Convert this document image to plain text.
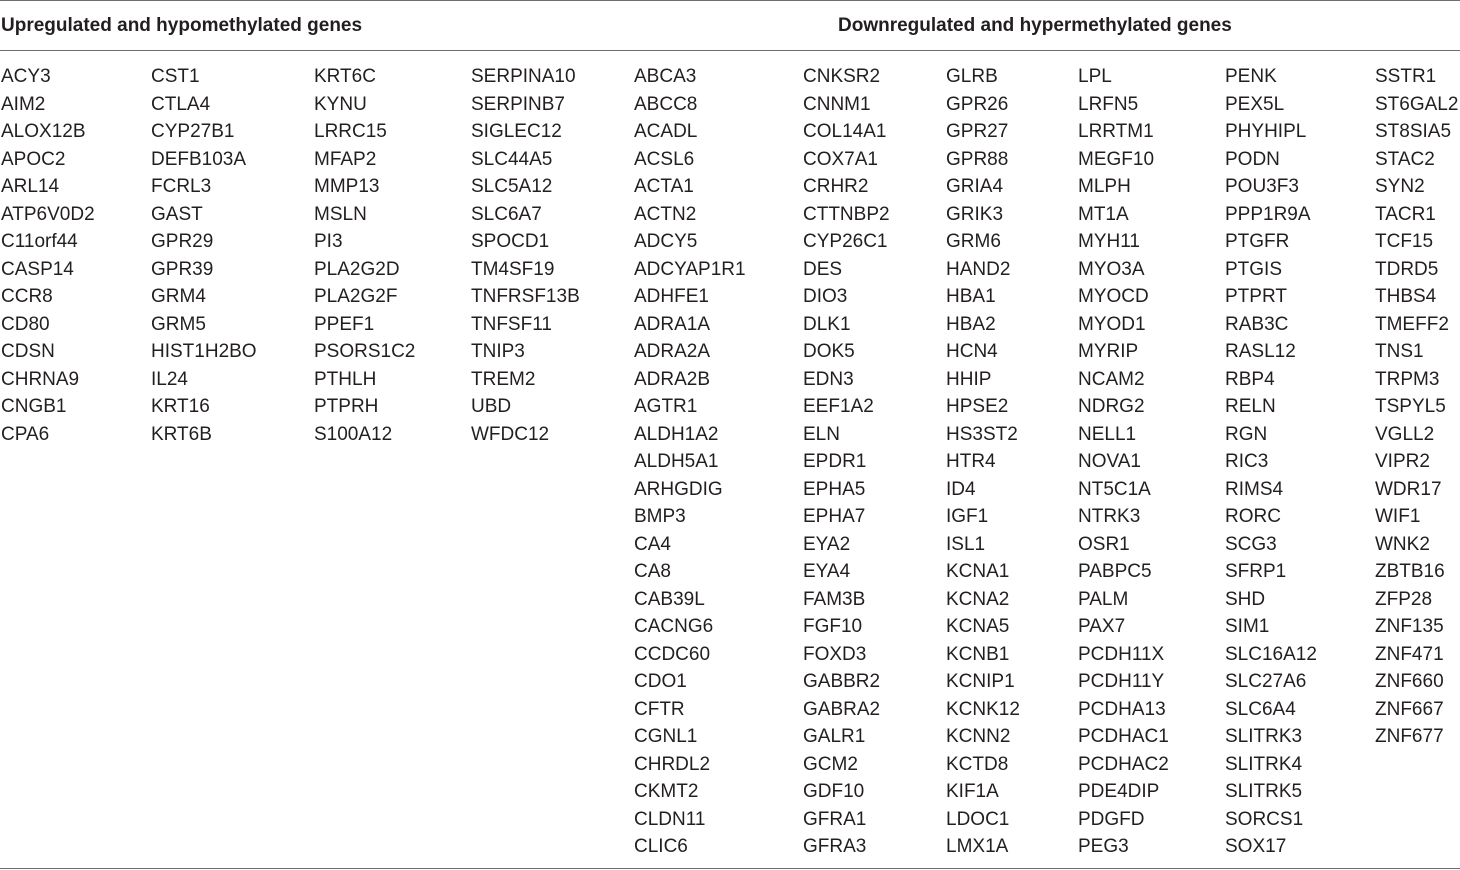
Upregulated and hypomethylated genes	Downregulated and hypermethylated genes
ACY3
AIM2
ALOX12B
APOC2
ARL14
ATP6V0D2
C11orf44
CASP14
CCR8
CD80
CDSN
CHRNA9
CNGB1
CPA6
CST1
CTLA4
CYP27B1
DEFB103A
FCRL3
GAST
GPR29
GPR39
GRM4
GRM5
HIST1H2BO
IL24
KRT16
KRT6B
KRT6C
KYNU
LRRC15
MFAP2
MMP13
MSLN
PI3
PLA2G2D
PLA2G2F
PPEF1
PSORS1C2
PTHLH
PTPRH
S100A12
SERPINA10
SERPINB7
SIGLEC12
SLC44A5
SLC5A12
SLC6A7
SPOCD1
TM4SF19
TNFRSF13B
TNFSF11
TNIP3
TREM2
UBD
WFDC12
ABCA3
ABCC8
ACADL
ACSL6
ACTA1
ACTN2
ADCY5
ADCYAP1R1
ADHFE1
ADRA1A
ADRA2A
ADRA2B
AGTR1
ALDH1A2
ALDH5A1
ARHGDIG
BMP3
CA4
CA8
CAB39L
CACNG6
CCDC60
CDO1
CFTR
CGNL1
CHRDL2
CKMT2
CLDN11
CLIC6
CNKSR2
CNNM1
COL14A1
COX7A1
CRHR2
CTTNBP2
CYP26C1
DES
DIO3
DLK1
DOK5
EDN3
EEF1A2
ELN
EPDR1
EPHA5
EPHA7
EYA2
EYA4
FAM3B
FGF10
FOXD3
GABBR2
GABRA2
GALR1
GCM2
GDF10
GFRA1
GFRA3
GLRB
GPR26
GPR27
GPR88
GRIA4
GRIK3
GRM6
HAND2
HBA1
HBA2
HCN4
HHIP
HPSE2
HS3ST2
HTR4
ID4
IGF1
ISL1
KCNA1
KCNA2
KCNA5
KCNB1
KCNIP1
KCNK12
KCNN2
KCTD8
KIF1A
LDOC1
LMX1A
LPL
LRFN5
LRRTM1
MEGF10
MLPH
MT1A
MYH11
MYO3A
MYOCD
MYOD1
MYRIP
NCAM2
NDRG2
NELL1
NOVA1
NT5C1A
NTRK3
OSR1
PABPC5
PALM
PAX7
PCDH11X
PCDH11Y
PCDHA13
PCDHAC1
PCDHAC2
PDE4DIP
PDGFD
PEG3
PENK
PEX5L
PHYHIPL
PODN
POU3F3
PPP1R9A
PTGFR
PTGIS
PTPRT
RAB3C
RASL12
RBP4
RELN
RGN
RIC3
RIMS4
RORC
SCG3
SFRP1
SHD
SIM1
SLC16A12
SLC27A6
SLC6A4
SLITRK3
SLITRK4
SLITRK5
SORCS1
SOX17
SSTR1
ST6GAL2
ST8SIA5
STAC2
SYN2
TACR1
TCF15
TDRD5
THBS4
TMEFF2
TNS1
TRPM3
TSPYL5
VGLL2
VIPR2
WDR17
WIF1
WNK2
ZBTB16
ZFP28
ZNF135
ZNF471
ZNF660
ZNF667
ZNF677
